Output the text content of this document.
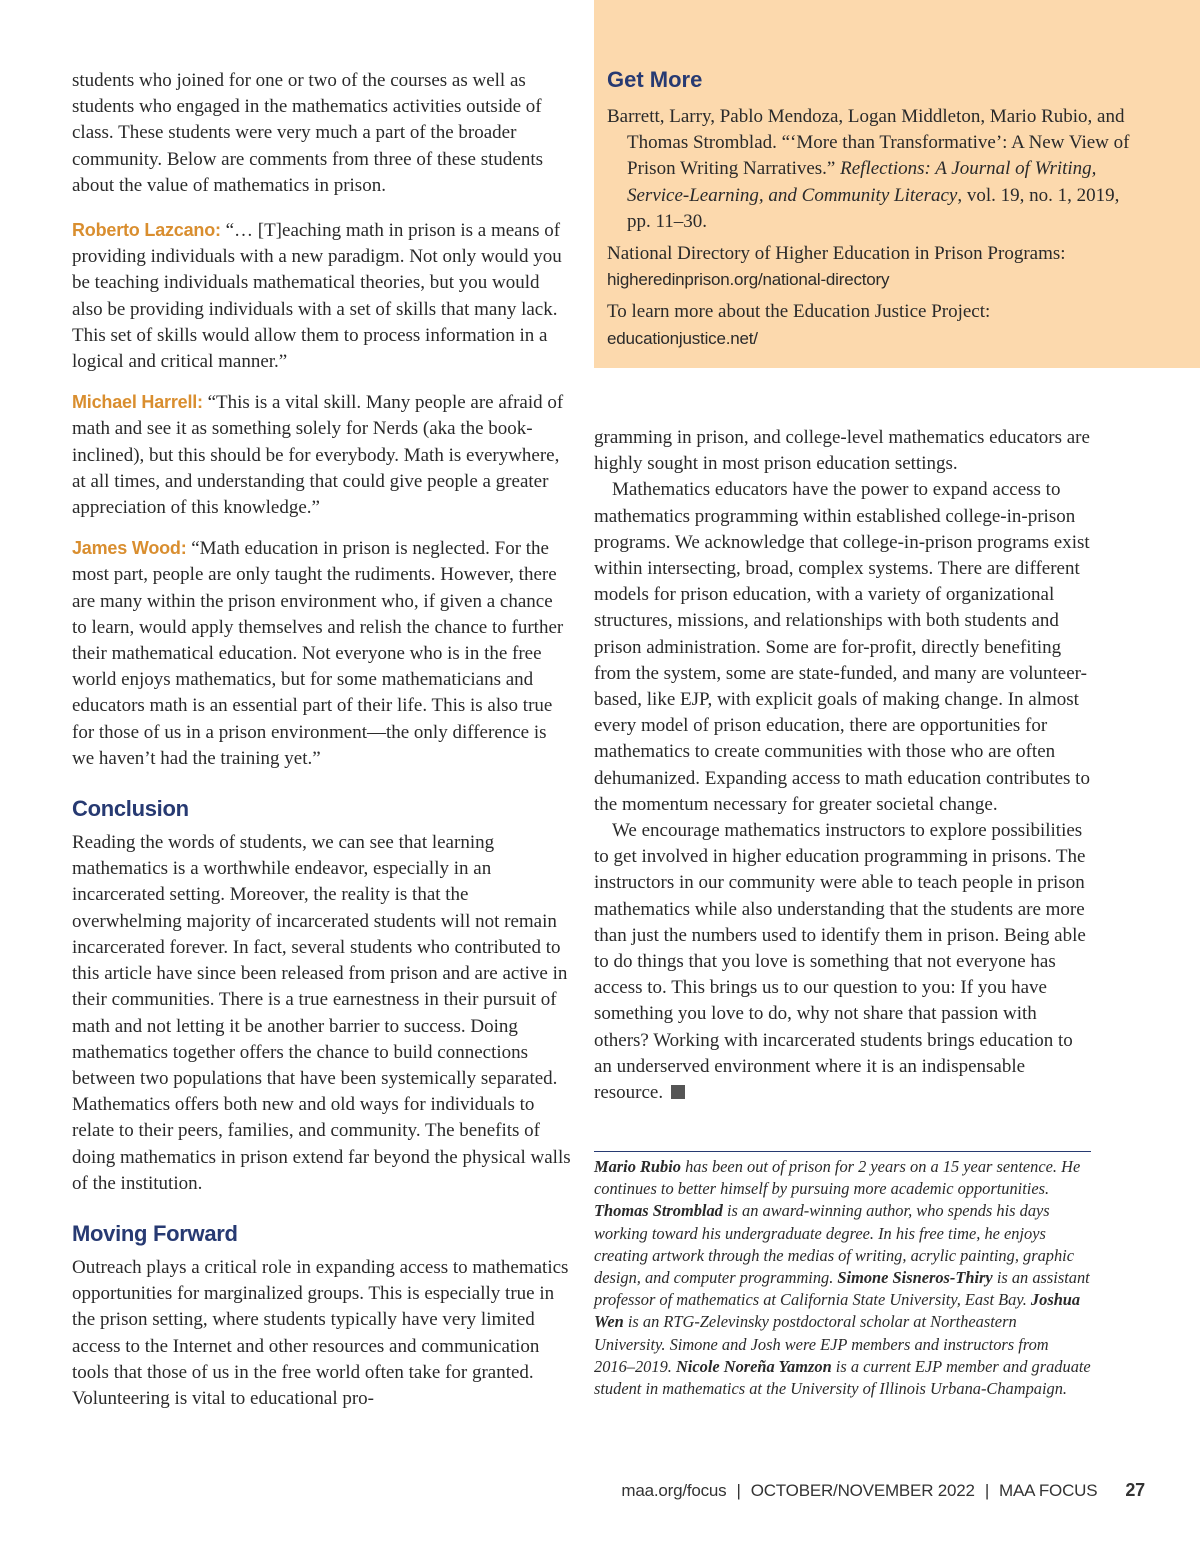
students who joined for one or two of the courses as well as students who engaged in the mathematics activities outside of class. These students were very much a part of the broader community. Below are comments from three of these students about the value of mathematics in prison.

Roberto Lazcano: “… [T]eaching math in prison is a means of providing individuals with a new paradigm. Not only would you be teaching individuals mathematical theories, but you would also be providing individuals with a set of skills that many lack. This set of skills would allow them to process information in a logical and critical manner.”

Michael Harrell: “This is a vital skill. Many people are afraid of math and see it as something solely for Nerds (aka the book-inclined), but this should be for everybody. Math is everywhere, at all times, and understanding that could give people a greater appreciation of this knowledge.”

James Wood: “Math education in prison is neglected. For the most part, people are only taught the rudiments. However, there are many within the prison environment who, if given a chance to learn, would apply themselves and relish the chance to further their mathematical education. Not everyone who is in the free world enjoys mathematics, but for some mathematicians and educators math is an essential part of their life. This is also true for those of us in a prison environment—the only difference is we haven’t had the training yet.”

Conclusion

Reading the words of students, we can see that learning mathematics is a worthwhile endeavor, especially in an incarcerated setting. Moreover, the reality is that the overwhelming majority of incarcerated students will not remain incarcerated forever. In fact, several students who contributed to this article have since been released from prison and are active in their communities. There is a true earnestness in their pursuit of math and not letting it be another barrier to success. Doing mathematics together offers the chance to build connections between two populations that have been systemically separated. Mathematics offers both new and old ways for individuals to relate to their peers, families, and community. The benefits of doing mathematics in prison extend far beyond the physical walls of the institution.

Moving Forward

Outreach plays a critical role in expanding access to mathematics opportunities for marginalized groups. This is especially true in the prison setting, where students typically have very limited access to the Internet and other resources and communication tools that those of us in the free world often take for granted. Volunteering is vital to educational pro-

Get More

Barrett, Larry, Pablo Mendoza, Logan Middleton, Mario Rubio, and Thomas Stromblad. “‘More than Transformative’: A New View of Prison Writing Narratives.” Reflections: A Journal of Writing, Service-Learning, and Community Literacy, vol. 19, no. 1, 2019, pp. 11–30.

National Directory of Higher Education in Prison Programs:
higheredinprison.org/national-directory

To learn more about the Education Justice Project:
educationjustice.net/

gramming in prison, and college-level mathematics educators are highly sought in most prison education settings.

Mathematics educators have the power to expand access to mathematics programming within established college-in-prison programs. We acknowledge that college-in-prison programs exist within intersecting, broad, complex systems. There are different models for prison education, with a variety of organizational structures, missions, and relationships with both students and prison administration. Some are for-profit, directly benefiting from the system, some are state-funded, and many are volunteer-based, like EJP, with explicit goals of making change. In almost every model of prison education, there are opportunities for mathematics to create communities with those who are often dehumanized. Expanding access to math education contributes to the momentum necessary for greater societal change.

We encourage mathematics instructors to explore possibilities to get involved in higher education programming in prisons. The instructors in our community were able to teach people in prison mathematics while also understanding that the students are more than just the numbers used to identify them in prison. Being able to do things that you love is something that not everyone has access to. This brings us to our question to you: If you have something you love to do, why not share that passion with others? Working with incarcerated students brings education to an underserved environment where it is an indispensable resource.

Mario Rubio has been out of prison for 2 years on a 15 year sentence. He continues to better himself by pursuing more academic opportunities. Thomas Stromblad is an award-winning author, who spends his days working toward his undergraduate degree. In his free time, he enjoys creating artwork through the medias of writing, acrylic painting, graphic design, and computer programming. Simone Sisneros-Thiry is an assistant professor of mathematics at California State University, East Bay. Joshua Wen is an RTG-Zelevinsky postdoctoral scholar at Northeastern University. Simone and Josh were EJP members and instructors from 2016–2019. Nicole Noreña Yamzon is a current EJP member and graduate student in mathematics at the University of Illinois Urbana-Champaign.
maa.org/focus | OCTOBER/NOVEMBER 2022 | MAA FOCUS 27
